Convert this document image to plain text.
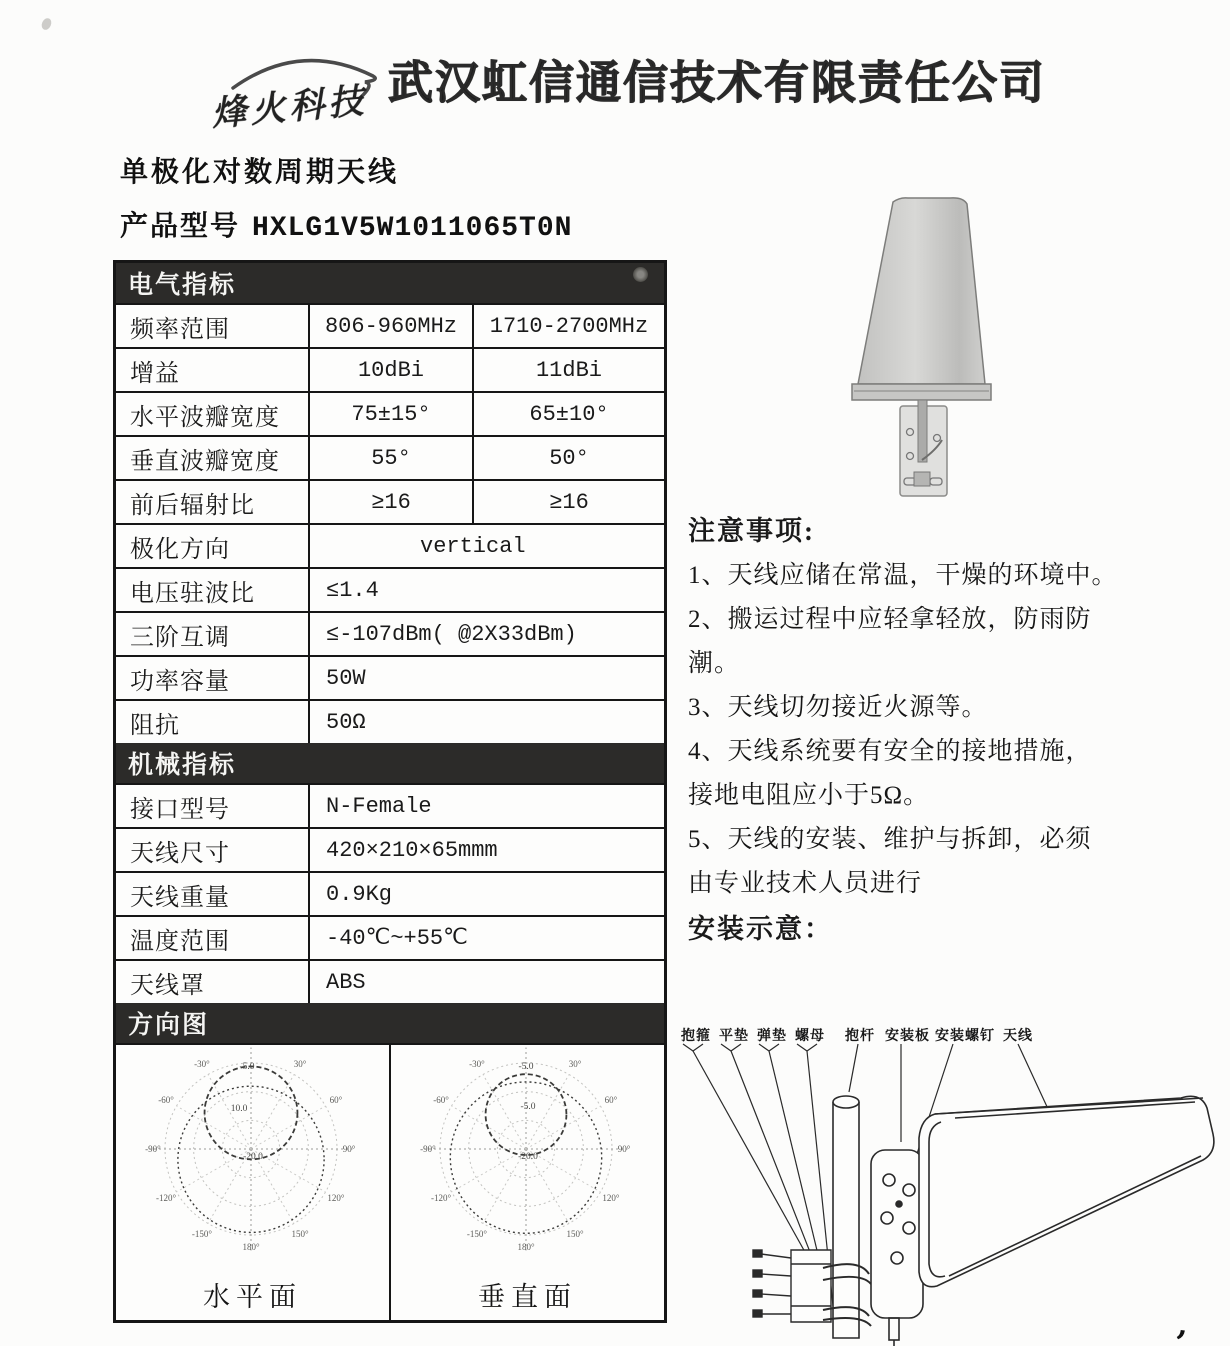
,
烽火科技 武汉虹信通信技术有限责任公司
单极化对数周期天线
产品型号 HXLG1V5W1011065T0N
电气指标
频率范围	806-960MHz	1710-2700MHz
增益	10dBi	11dBi
水平波瓣宽度	75±15°	65±10°
垂直波瓣宽度	55°	50°
前后辐射比	≥16	≥16
极化方向	vertical
电压驻波比	≤1.4
三阶互调	≤-107dBm( @2X33dBm)
功率容量	50W
阻抗	50Ω
机械指标
接口型号	N-Female
天线尺寸	420×210×65mmm
天线重量	0.9Kg
温度范围	-40℃~+55℃
天线罩	ABS
方向图
-30°	30°
-60°	60°
-90°	90°
-120°	120°
-150°	150°
180°
-5.0
10.0
-20.0
水平面
-30°	30°
-60°	60°
-90°	90°
-120°	120°
-150°	150°
180°
-5.0
-5.0
-20.0
垂直面
注意事项:
1、天线应储在常温，干燥的环境中。
2、搬运过程中应轻拿轻放，防雨防
潮。
3、天线切勿接近火源等。
4、天线系统要有安全的接地措施，
接地电阻应小于5Ω。
5、天线的安装、维护与拆卸，必须
由专业技术人员进行
安装示意：
抱箍 平垫 弹垫 螺母 抱杆 安装板 安装螺钉 天线
